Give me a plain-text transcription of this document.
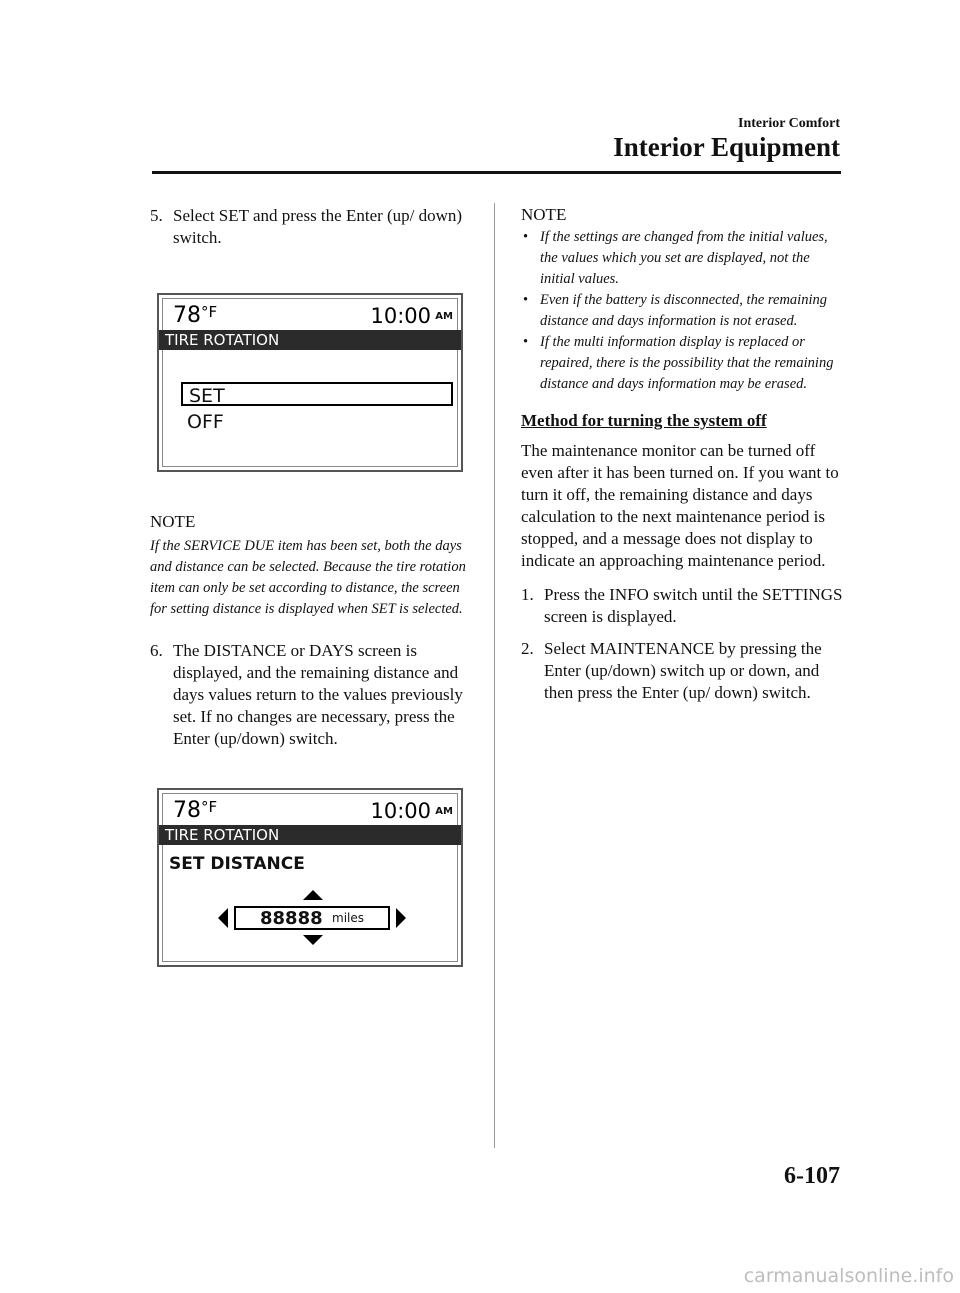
Interior Comfort
Interior Equipment

5. Select SET and press the Enter (up/ down) switch.

$78^{^\circ F}$	10:00 AM
TIRE ROTATION
SET
OFF

NOTE

If the SERVICE DUE item has been set, both the days and distance can be selected. Because the tire rotation item can only be set according to distance, the screen for setting distance is displayed when SET is selected.

6. The DISTANCE or DAYS screen is displayed, and the remaining distance and days values return to the values previously set. If no changes are necessary, press the Enter (up/down) switch.

$78^{^\circ F}$	10:00 AM
TIRE ROTATION
SET DISTANCE
88888 miles

NOTE

• If the settings are changed from the initial values, the values which you set are displayed, not the initial values.

• Even if the battery is disconnected, the remaining distance and days information is not erased.

• If the multi information display is replaced or repaired, there is the possibility that the remaining distance and days information may be erased.

Method for turning the system off

The maintenance monitor can be turned off even after it has been turned on. If you want to turn it off, the remaining distance and days calculation to the next maintenance period is stopped, and a message does not display to indicate an approaching maintenance period.

1. Press the INFO switch until the SETTINGS screen is displayed.

2. Select MAINTENANCE by pressing the Enter (up/down) switch up or down, and then press the Enter (up/ down) switch.

6-107
carmanualsonline.info
